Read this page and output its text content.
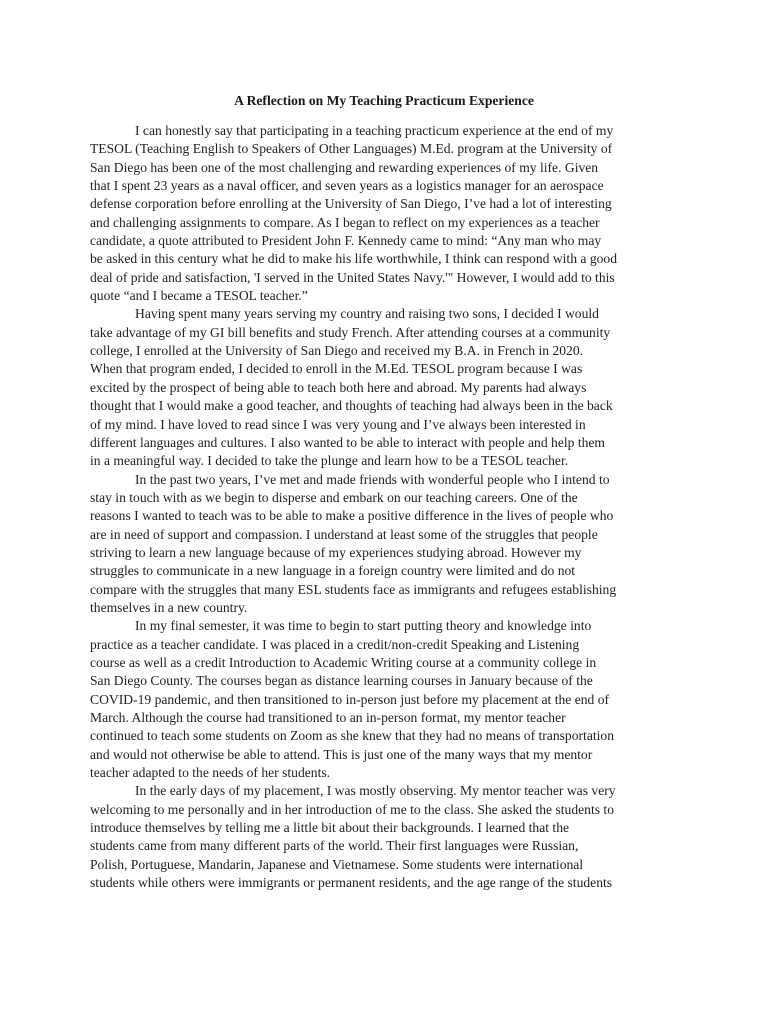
A Reflection on My Teaching Practicum Experience
I can honestly say that participating in a teaching practicum experience at the end of my
TESOL (Teaching English to Speakers of Other Languages) M.Ed. program at the University of
San Diego has been one of the most challenging and rewarding experiences of my life. Given
that I spent 23 years as a naval officer, and seven years as a logistics manager for an aerospace
defense corporation before enrolling at the University of San Diego, I’ve had a lot of interesting
and challenging assignments to compare. As I began to reflect on my experiences as a teacher
candidate, a quote attributed to President John F. Kennedy came to mind: “Any man who may
be asked in this century what he did to make his life worthwhile, I think can respond with a good
deal of pride and satisfaction, 'I served in the United States Navy.'" However, I would add to this
quote “and I became a TESOL teacher.”
Having spent many years serving my country and raising two sons, I decided I would
take advantage of my GI bill benefits and study French. After attending courses at a community
college, I enrolled at the University of San Diego and received my B.A. in French in 2020.
When that program ended, I decided to enroll in the M.Ed. TESOL program because I was
excited by the prospect of being able to teach both here and abroad. My parents had always
thought that I would make a good teacher, and thoughts of teaching had always been in the back
of my mind. I have loved to read since I was very young and I’ve always been interested in
different languages and cultures. I also wanted to be able to interact with people and help them
in a meaningful way. I decided to take the plunge and learn how to be a TESOL teacher.
In the past two years, I’ve met and made friends with wonderful people who I intend to
stay in touch with as we begin to disperse and embark on our teaching careers. One of the
reasons I wanted to teach was to be able to make a positive difference in the lives of people who
are in need of support and compassion. I understand at least some of the struggles that people
striving to learn a new language because of my experiences studying abroad. However my
struggles to communicate in a new language in a foreign country were limited and do not
compare with the struggles that many ESL students face as immigrants and refugees establishing
themselves in a new country.
In my final semester, it was time to begin to start putting theory and knowledge into
practice as a teacher candidate. I was placed in a credit/non-credit Speaking and Listening
course as well as a credit Introduction to Academic Writing course at a community college in
San Diego County. The courses began as distance learning courses in January because of the
COVID-19 pandemic, and then transitioned to in-person just before my placement at the end of
March. Although the course had transitioned to an in-person format, my mentor teacher
continued to teach some students on Zoom as she knew that they had no means of transportation
and would not otherwise be able to attend. This is just one of the many ways that my mentor
teacher adapted to the needs of her students.
In the early days of my placement, I was mostly observing. My mentor teacher was very
welcoming to me personally and in her introduction of me to the class. She asked the students to
introduce themselves by telling me a little bit about their backgrounds. I learned that the
students came from many different parts of the world. Their first languages were Russian,
Polish, Portuguese, Mandarin, Japanese and Vietnamese. Some students were international
students while others were immigrants or permanent residents, and the age range of the students
